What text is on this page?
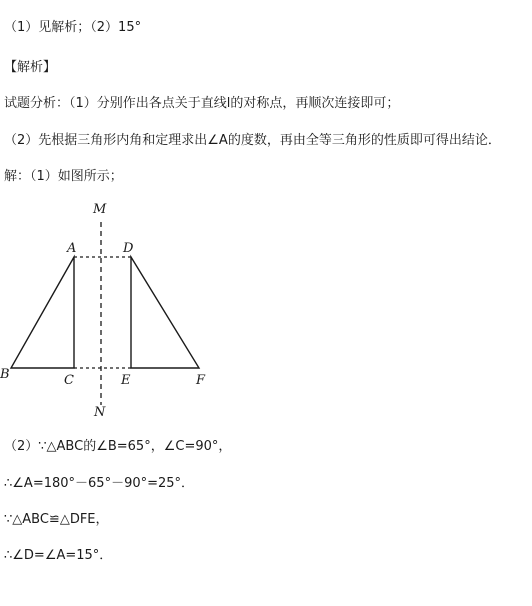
（1）见解析；（2）15°
【解析】
试题分析：（1）分别作出各点关于直线l的对称点，再顺次连接即可；
（2）先根据三角形内角和定理求出∠A的度数，再由全等三角形的性质即可得出结论．
解：（1）如图所示；
M
A	D
B	C	E	F
N
（2）∵△ABC的∠B=65°，∠C=90°，
∴∠A=180°－65°－90°=25°．
∵△ABC≌△DFE，
∴∠D=∠A=15°．
